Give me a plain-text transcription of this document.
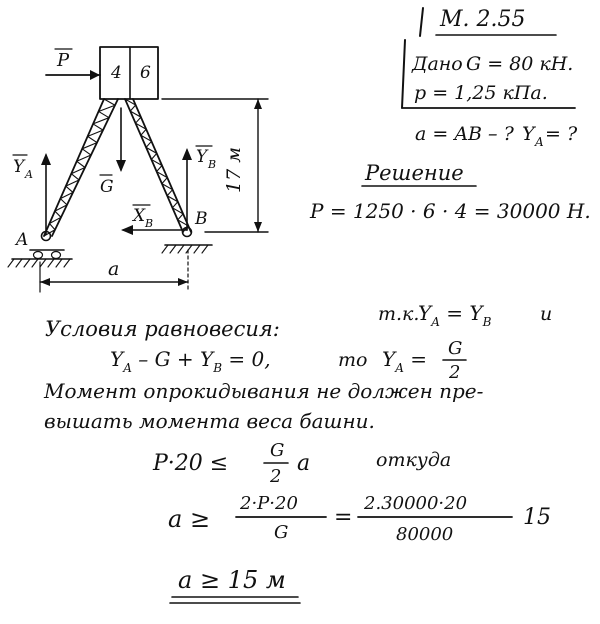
М. 2.55
Дано G = 80 кН.
p = 1,25 кПа.
a = AB – ? Y A = ?
Решение
P = 1250 · 6 · 4 = 30000 Н.
P
4 6
G
Y A
Y B
X B
A
B
a
17 м
Условия равновесия:
т.к.
$Y_A = Y_B$	и
$Y_A - G + Y_B = 0$,	то $Y_A = G$
2
Момент опрокидывания не должен пре-
вышать момента веса башни.
P·20 ≤
G
2
a	откуда
a ≥
2·P·20
G
=
2.30000·20
80000
15
a ≥ 15 м
